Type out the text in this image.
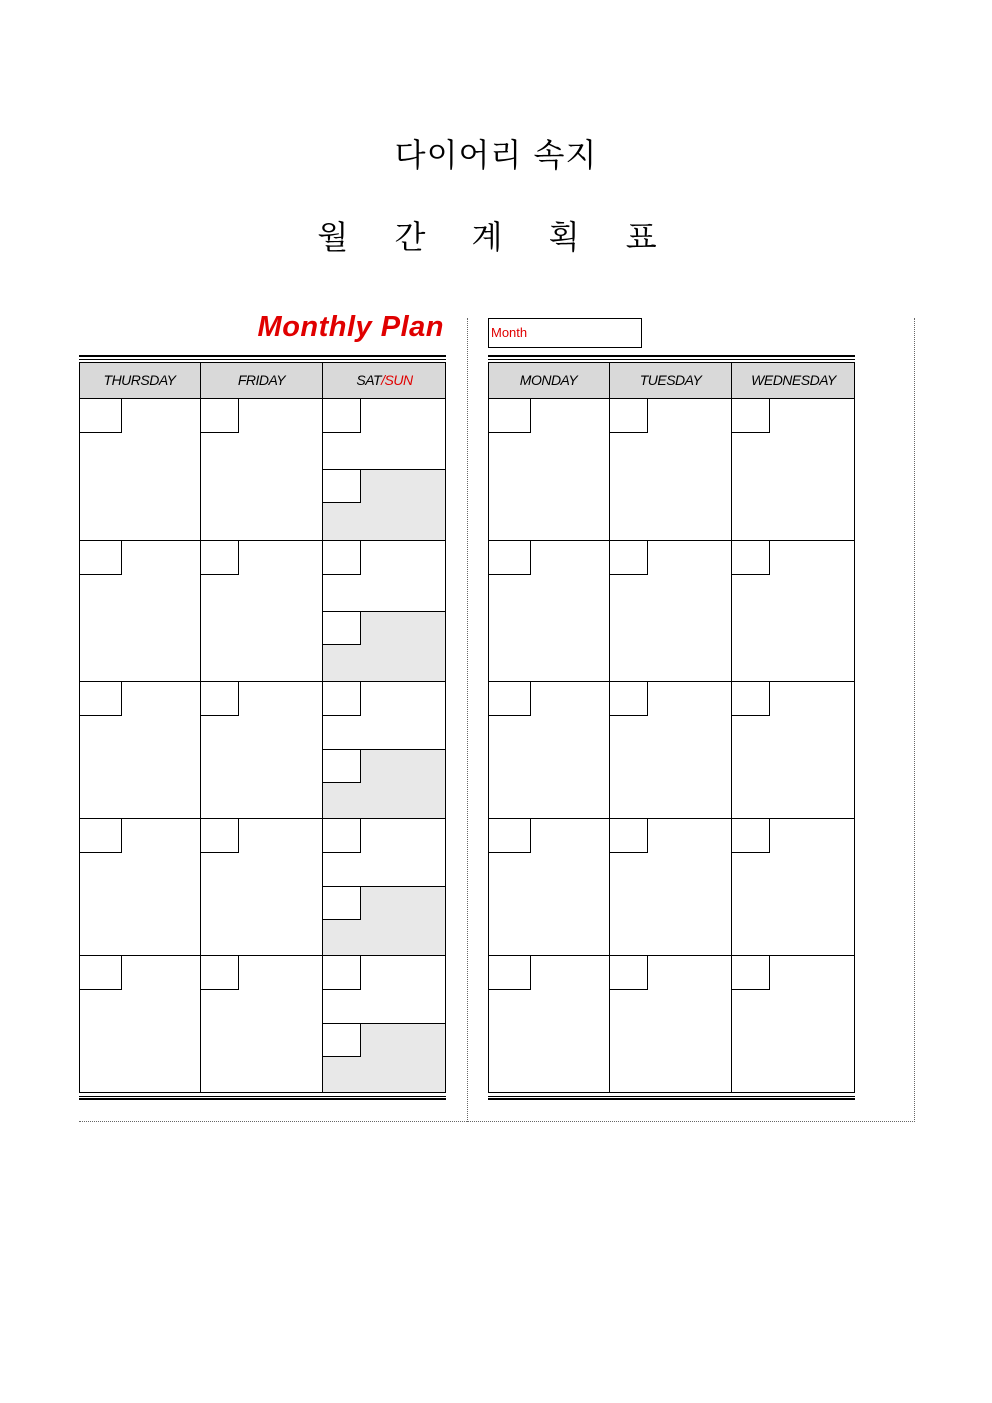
다이어리 속지
월 간 계 획 표
Monthly Plan	Month
THURSDAY	FRIDAY	SAT/SUN	MONDAY	TUESDAY	WEDNESDAY
